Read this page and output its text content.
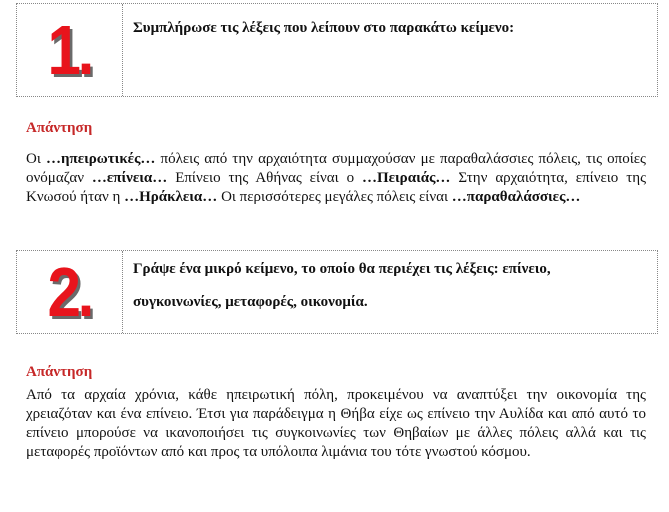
1.	Συμπλήρωσε τις λέξεις που λείπουν στο παρακάτω κείμενο:
Απάντηση
Οι …ηπειρωτικές… πόλεις από την αρχαιότητα συμμαχούσαν με παραθαλάσσιες πόλεις, τις οποίες ονόμαζαν …επίνεια… Επίνειο της Αθήνας είναι ο …Πειραιάς… Στην αρχαιότητα, επίνειο της Κνωσού ήταν η …Ηράκλεια… Οι περισσότερες μεγάλες πόλεις είναι …παραθαλάσσιες…
2.	Γράψε ένα μικρό κείμενο, το οποίο θα περιέχει τις λέξεις: επίνειο,
συγκοινωνίες, μεταφορές, οικονομία.
Απάντηση
Από τα αρχαία χρόνια, κάθε ηπειρωτική πόλη, προκειμένου να αναπτύξει την οικονομία της χρειαζόταν και ένα επίνειο. Έτσι για παράδειγμα η Θήβα είχε ως επίνειο την Αυλίδα και από αυτό το επίνειο μπορούσε να ικανοποιήσει τις συγκοινωνίες των Θηβαίων με άλλες πόλεις αλλά και τις μεταφορές προϊόντων από και προς τα υπόλοιπα λιμάνια του τότε γνωστού κόσμου.
